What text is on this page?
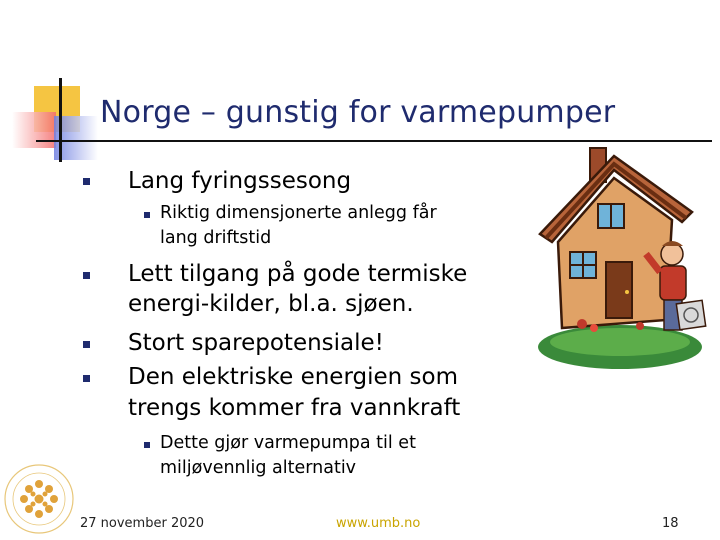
Norge – gunstig for varmepumper
Lang fyringssesong
Riktig dimensjonerte anlegg får
lang driftstid
Lett tilgang på gode termiske
energi-kilder, bl.a. sjøen.
Stort sparepotensiale!
Den elektriske energien som
trengs kommer fra vannkraft
Dette gjør varmepumpa til et
miljøvennlig alternativ
27 november 2020	www.umb.no	18
